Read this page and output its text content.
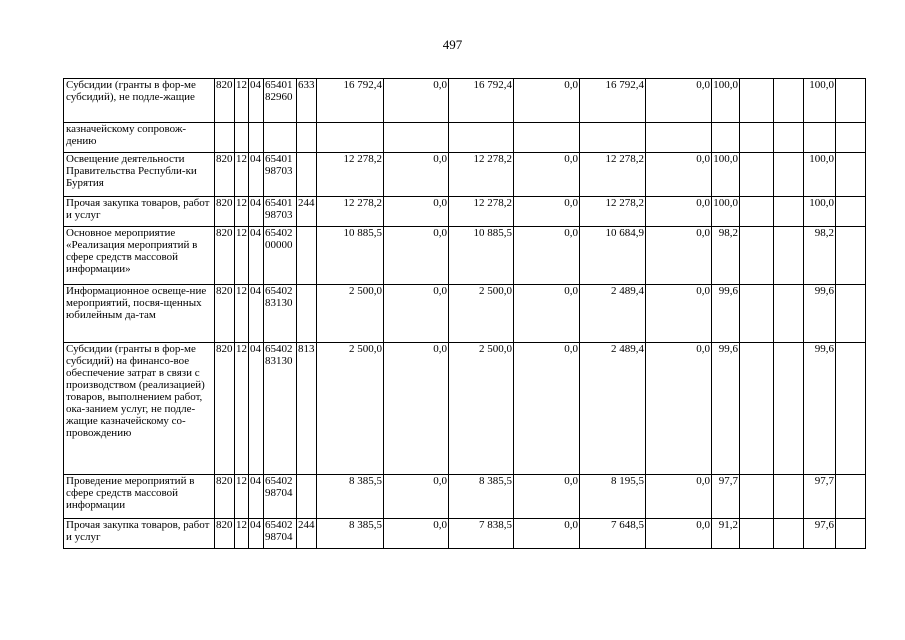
497
Субсидии (гранты в фор-ме субсидий), не подле-жащие	820	12	04	65401 82960	633	16 792,4	0,0	16 792,4	0,0	16 792,4	0,0	100,0			100,0	
казначейскому сопровож-дению																
Освещение деятельности Правительства Республи-ки Бурятия	820	12	04	65401 98703		12 278,2	0,0	12 278,2	0,0	12 278,2	0,0	100,0			100,0	
Прочая закупка товаров, работ и услуг	820	12	04	65401 98703	244	12 278,2	0,0	12 278,2	0,0	12 278,2	0,0	100,0			100,0	
Основное мероприятие «Реализация мероприятий в сфере средств массовой информации»	820	12	04	65402 00000		10 885,5	0,0	10 885,5	0,0	10 684,9	0,0	98,2			98,2	
Информационное освеще-ние мероприятий, посвя-щенных юбилейным да-там	820	12	04	65402 83130		2 500,0	0,0	2 500,0	0,0	2 489,4	0,0	99,6			99,6	
Субсидии (гранты в фор-ме субсидий) на финансо-вое обеспечение затрат в связи с производством (реализацией) товаров, выполнением работ, ока-занием услуг, не подле-жащие казначейскому со-провождению	820	12	04	65402 83130	813	2 500,0	0,0	2 500,0	0,0	2 489,4	0,0	99,6			99,6	
Проведение мероприятий в сфере средств массовой информации	820	12	04	65402 98704		8 385,5	0,0	8 385,5	0,0	8 195,5	0,0	97,7			97,7	
Прочая закупка товаров, работ и услуг	820	12	04	65402 98704	244	8 385,5	0,0	7 838,5	0,0	7 648,5	0,0	91,2			97,6	
